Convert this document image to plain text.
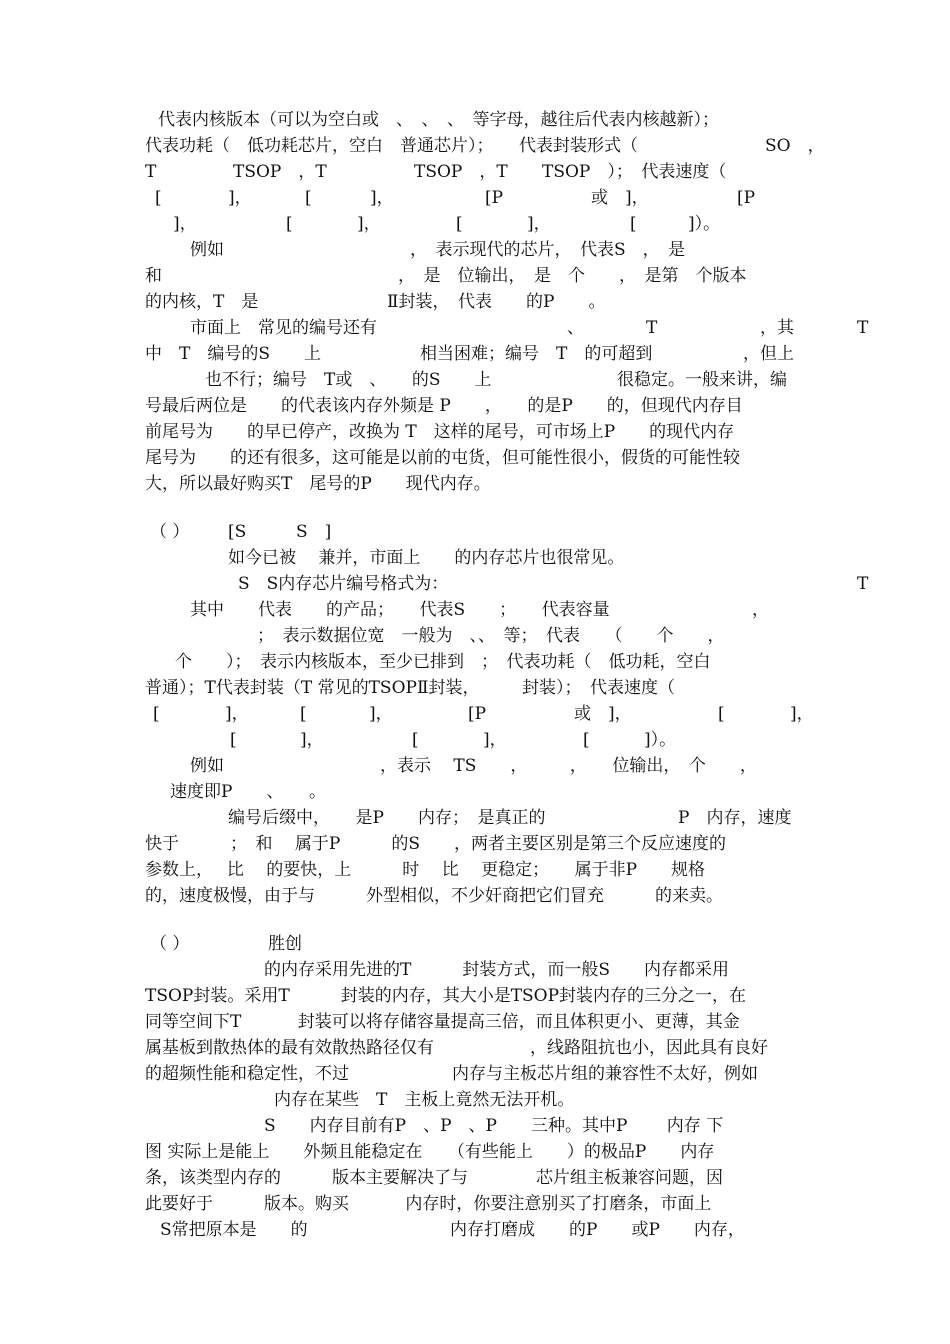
代表内核版本（可以为空白或　、　、　、　等字母，越往后代表内核越新）；
代表功耗（　低功耗芯片，空白　普通芯片）；　　代表封装形式（	SO　，
T	TSOP　，T	TSOP　，T TSOP　）；　代表速度（
[	]，	[	]，	[P	或　]，	[P
]，	[	]，	[	]，	[	]）。
例如	，　表示现代的芯片，　代表S　，　是
和	，　是　位输出，　是　个　　，　是第　个版本
的内核，T　是	Ⅱ封装，　代表　　的P　　。
市面上　常见的编号还有	、	T	，其	T
中　T　编号的S　　上	相当困难；编号　T　的可超到	，但上
也不行；编号　T或　、　　的S　　上	很稳定。一般来讲，编
号最后两位是　　的代表该内存外频是 P　　，　　的是P　　的，但现代内存目
前尾号为　　的早已停产，改换为 T　这样的尾号，可市场上P　　的现代内存
尾号为　　的还有很多，这可能是以前的屯货，但可能性很小，假货的可能性较
大，所以最好购买T　尾号的P　　现代内存。
（ ） [S	S　]
如今已被　 兼并，市面上　　的内存芯片也很常见。
S　S内存芯片编号格式为：	T
其中　　代表　　的产品；　　代表S　　；　　代表容量	，
；　表示数据位宽　一般为　、、　等；　代表　　（　　个　　，
个　　）；　表示内核版本，至少已排到　；　代表功耗（　低功耗，空白
普通）；T代表封装（T 常见的TSOPⅡ封装，　　　封装）；　代表速度（
[	]，	[	]，	[P	或　]，	[	]，
[	]，	[	]，	[	]）。
例如	，表示　 TS　　，　　　，　　位输出，　个　　，
速度即P　　、　　。
编号后缀中，　　是P　　内存；　是真正的	P　内存，速度
快于　　　；　和　 属于P　　　的S　　，两者主要区别是第三个反应速度的
参数上，　 比　 的要快，上　　　时　 比　 更稳定；　　属于非P　　规格
的，速度极慢，由于与　　　外型相似，不少奸商把它们冒充　　　的来卖。
（ ）	胜创
的内存采用先进的T　　　封装方式，而一般S　　内存都采用
TSOP封装。采用T　　　封装的内存，其大小是TSOP封装内存的三分之一，在
同等空间下T　　　 封装可以将存储容量提高三倍，而且体积更小、更薄，其金
属基板到散热体的最有效散热路径仅有	，线路阻抗也小，因此具有良好
的超频性能和稳定性，不过	内存与主板芯片组的兼容性不太好，例如
内存在某些　T　主板上竟然无法开机。
S　　内存目前有P　、P　、P　　三种。其中P　　 内存 下
图 实际上是能上　　外频且能稳定在　　（有些能上　　）的极品P　　内存
条，该类型内存的　　　版本主要解决了与　　　　芯片组主板兼容问题，因
此要好于　　　版本。购买　　　 内存时，你要注意别买了打磨条，市面上
S常把原本是　　的	内存打磨成　　的P　　或P　　内存，
